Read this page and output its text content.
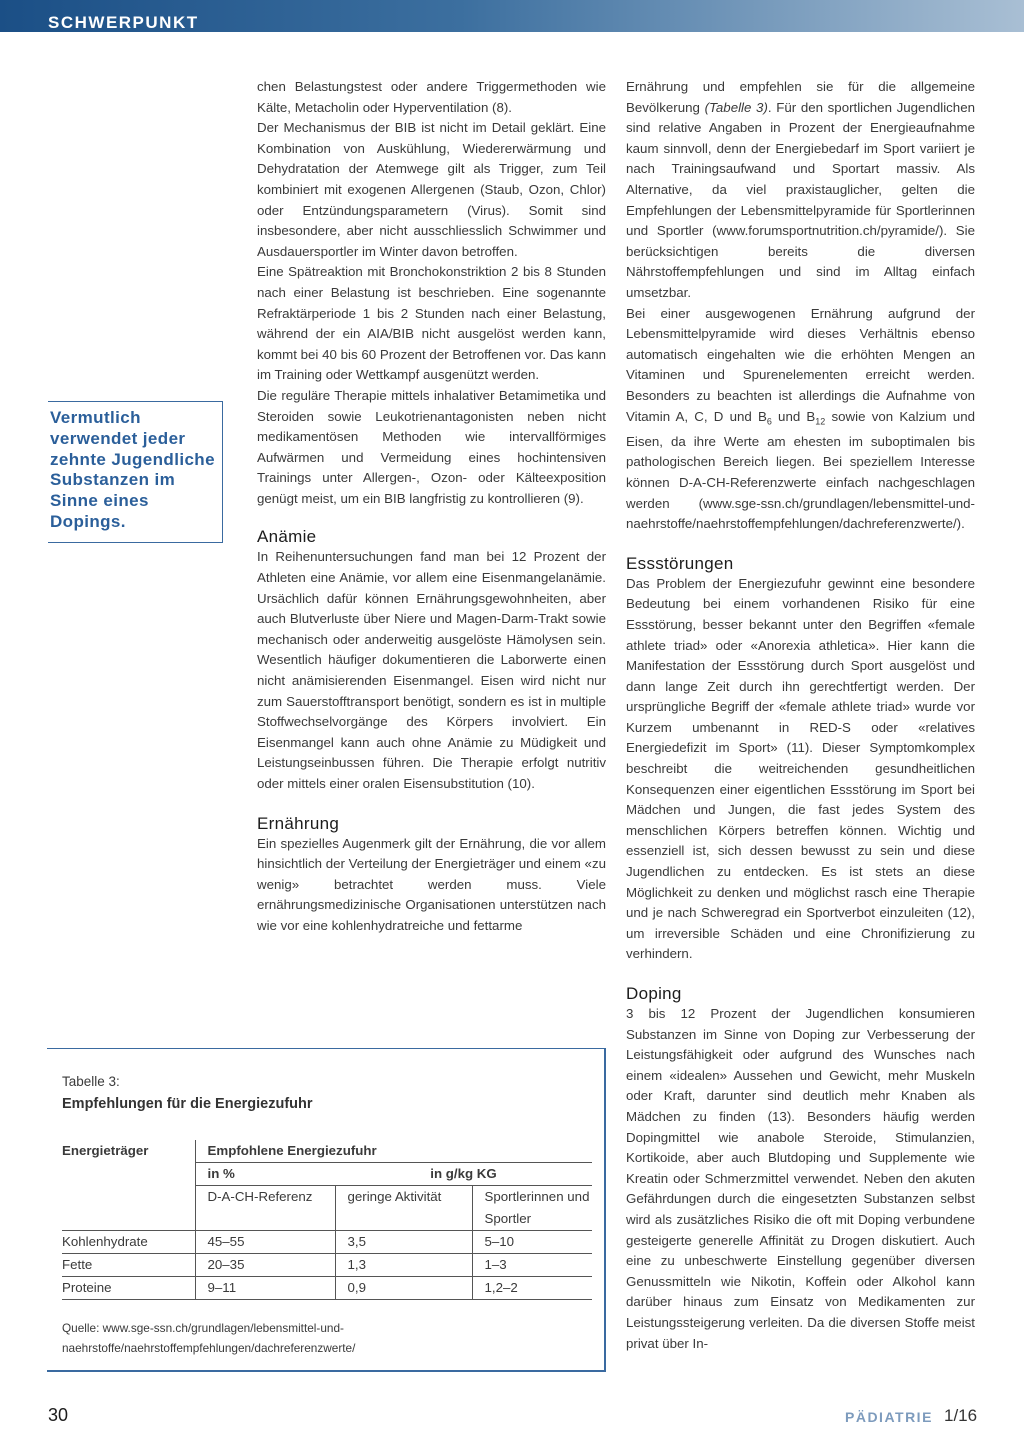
SCHWERPUNKT
Vermutlich verwendet jeder zehnte Jugendliche Substanzen im Sinne eines Dopings.

chen Belastungstest oder andere Triggermethoden wie Kälte, Metacholin oder Hyperventilation (8).

Der Mechanismus der BIB ist nicht im Detail geklärt. Eine Kombination von Auskühlung, Wiedererwärmung und Dehydratation der Atemwege gilt als Trigger, zum Teil kombiniert mit exogenen Allergenen (Staub, Ozon, Chlor) oder Entzündungsparametern (Virus). Somit sind insbesondere, aber nicht ausschliesslich Schwimmer und Ausdauersportler im Winter davon betroffen.

Eine Spätreaktion mit Bronchokonstriktion 2 bis 8 Stunden nach einer Belastung ist beschrieben. Eine sogenannte Refraktärperiode 1 bis 2 Stunden nach einer Belastung, während der ein AIA/BIB nicht ausgelöst werden kann, kommt bei 40 bis 60 Prozent der Betroffenen vor. Das kann im Training oder Wettkampf ausgenützt werden.

Die reguläre Therapie mittels inhalativer Betamimetika und Steroiden sowie Leukotrienantagonisten neben nicht medikamentösen Methoden wie intervallförmiges Aufwärmen und Vermeidung eines hochintensiven Trainings unter Allergen-, Ozon- oder Kälteexposition genügt meist, um ein BIB langfristig zu kontrollieren (9).

Anämie

In Reihenuntersuchungen fand man bei 12 Prozent der Athleten eine Anämie, vor allem eine Eisenmangelanämie. Ursächlich dafür können Ernährungsgewohnheiten, aber auch Blutverluste über Niere und Magen-Darm-Trakt sowie mechanisch oder anderweitig ausgelöste Hämolysen sein. Wesentlich häufiger dokumentieren die Laborwerte einen nicht anämisierenden Eisenmangel. Eisen wird nicht nur zum Sauerstofftransport benötigt, sondern es ist in multiple Stoffwechselvorgänge des Körpers involviert. Ein Eisenmangel kann auch ohne Anämie zu Müdigkeit und Leistungseinbussen führen. Die Therapie erfolgt nutritiv oder mittels einer oralen Eisensubstitution (10).

Ernährung

Ein spezielles Augenmerk gilt der Ernährung, die vor allem hinsichtlich der Verteilung der Energieträger und einem «zu wenig» betrachtet werden muss. Viele ernährungsmedizinische Organisationen unterstützen nach wie vor eine kohlenhydratreiche und fettarme

Ernährung und empfehlen sie für die allgemeine Bevölkerung (Tabelle 3). Für den sportlichen Jugendlichen sind relative Angaben in Prozent der Energieaufnahme kaum sinnvoll, denn der Energiebedarf im Sport variiert je nach Trainingsaufwand und Sportart massiv. Als Alternative, da viel praxistauglicher, gelten die Empfehlungen der Lebensmittelpyramide für Sportlerinnen und Sportler (www.forumsportnutrition.ch/pyramide/). Sie berücksichtigen bereits die diversen Nährstoffempfehlungen und sind im Alltag einfach umsetzbar.

Bei einer ausgewogenen Ernährung aufgrund der Lebensmittelpyramide wird dieses Verhältnis ebenso automatisch eingehalten wie die erhöhten Mengen an Vitaminen und Spurenelementen erreicht werden. Besonders zu beachten ist allerdings die Aufnahme von Vitamin A, C, D und $B_6$ und $B_{12}$ sowie von Kalzium und Eisen, da ihre Werte am ehesten im suboptimalen bis pathologischen Bereich liegen. Bei speziellem Interesse können D-A-CH-Referenzwerte einfach nachgeschlagen werden (www.sge-ssn.ch/grundlagen/lebensmittel-und-naehrstoffe/naehrstoffempfehlungen/dachreferenzwerte/).

Essstörungen

Das Problem der Energiezufuhr gewinnt eine besondere Bedeutung bei einem vorhandenen Risiko für eine Essstörung, besser bekannt unter den Begriffen «female athlete triad» oder «Anorexia athletica». Hier kann die Manifestation der Essstörung durch Sport ausgelöst und dann lange Zeit durch ihn gerechtfertigt werden. Der ursprüngliche Begriff der «female athlete triad» wurde vor Kurzem umbenannt in RED-S oder «relatives Energiedefizit im Sport» (11). Dieser Symptomkomplex beschreibt die weitreichenden gesundheitlichen Konsequenzen einer eigentlichen Essstörung im Sport bei Mädchen und Jungen, die fast jedes System des menschlichen Körpers betreffen können. Wichtig und essenziell ist, sich dessen bewusst zu sein und diese Jugendlichen zu entdecken. Es ist stets an diese Möglichkeit zu denken und möglichst rasch eine Therapie und je nach Schweregrad ein Sportverbot einzuleiten (12), um irreversible Schäden und eine Chronifizierung zu verhindern.

Doping

3 bis 12 Prozent der Jugendlichen konsumieren Substanzen im Sinne von Doping zur Verbesserung der Leistungsfähigkeit oder aufgrund des Wunsches nach einem «idealen» Aussehen und Gewicht, mehr Muskeln oder Kraft, darunter sind deutlich mehr Knaben als Mädchen zu finden (13). Besonders häufig werden Dopingmittel wie anabole Steroide, Stimulanzien, Kortikoide, aber auch Blutdoping und Supplemente wie Kreatin oder Schmerzmittel verwendet. Neben den akuten Gefährdungen durch die eingesetzten Substanzen selbst wird als zusätzliches Risiko die oft mit Doping verbundene gesteigerte generelle Affinität zu Drogen diskutiert. Auch eine zu unbeschwerte Einstellung gegenüber diversen Genussmitteln wie Nikotin, Koffein oder Alkohol kann darüber hinaus zum Einsatz von Medikamenten zur Leistungssteigerung verleiten. Da die diversen Stoffe meist privat über In-

Tabelle 3:
Empfehlungen für die Energiezufuhr
Energieträger	Empfohlene Energiezufuhr		
	in %	in g/kg KG	
	D-A-CH-Referenz	geringe Aktivität	Sportlerinnen und Sportler
Kohlenhydrate	45–55	3,5	5–10
Fette	20–35	1,3	1–3
Proteine	9–11	0,9	1,2–2
Quelle: www.sge-ssn.ch/grundlagen/lebensmittel-und-naehrstoffe/naehrstoffempfehlungen/dachreferenzwerte/
30	PÄDIATRIE 1/16
